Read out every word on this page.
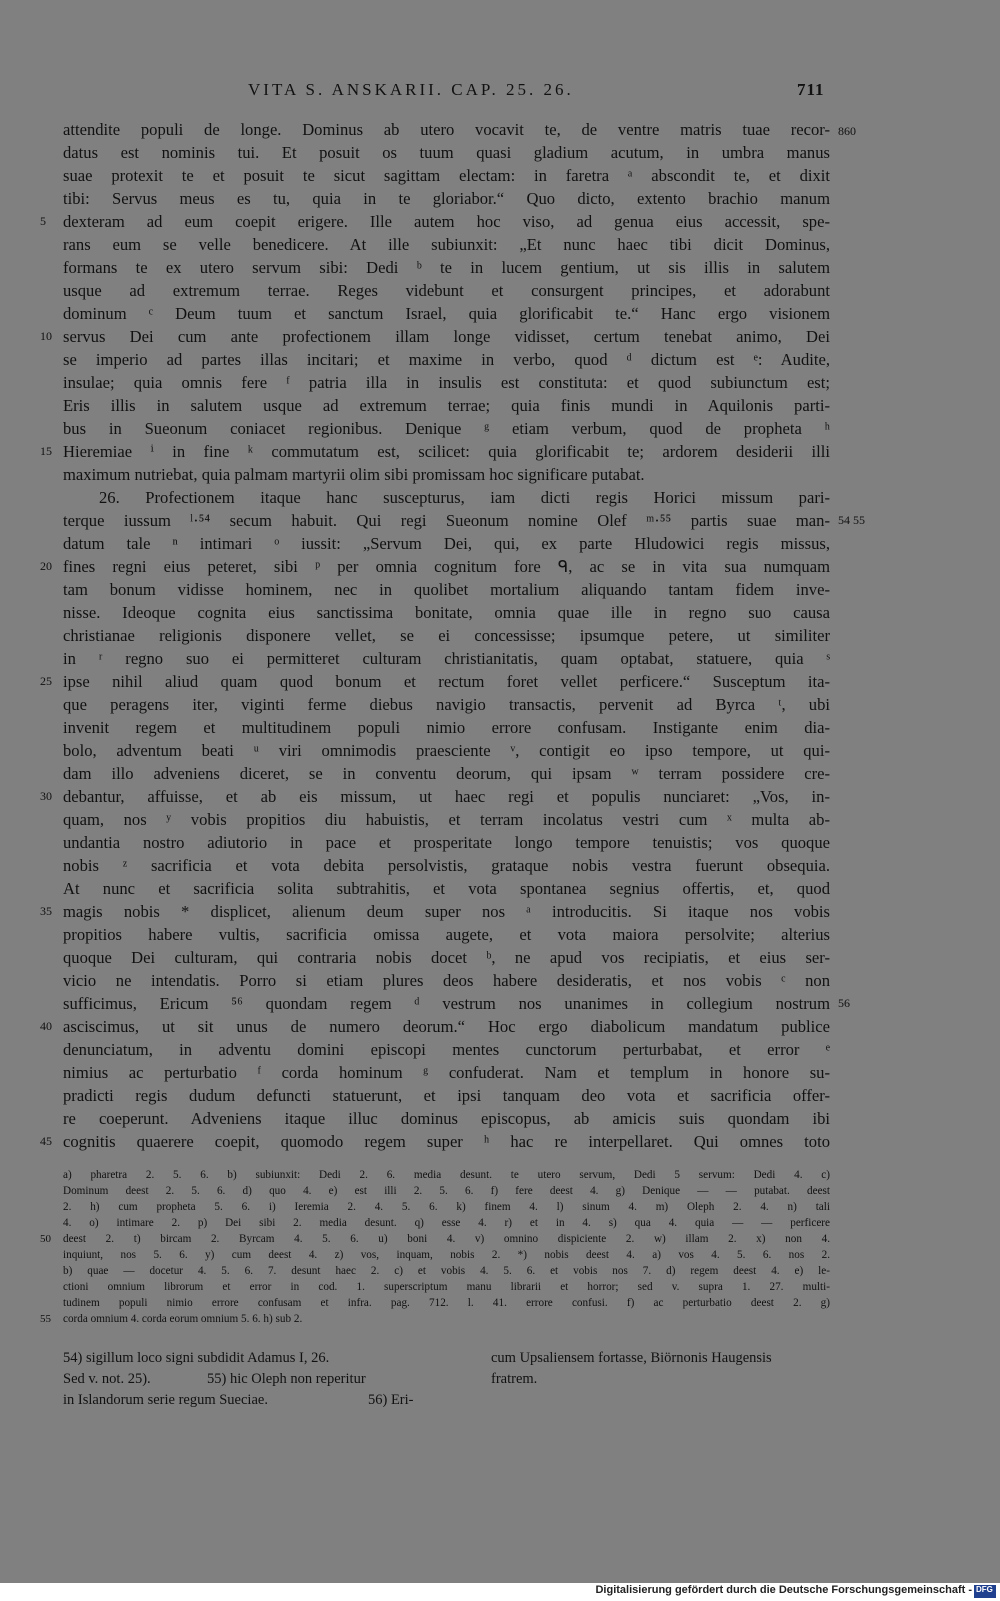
VITA S. ANSKARII. CAP. 25. 26.	711
attendite populi de longe. Dominus ab utero vocavit te, de ventre matris tuae recor-
datus est nominis tui. Et posuit os tuum quasi gladium acutum, in umbra manus
suae protexit te et posuit te sicut sagittam electam: in faretra ᵃ abscondit te, et dixit
tibi: Servus meus es tu, quia in te gloriabor.“ Quo dicto, extento brachio manum
dexteram ad eum coepit erigere. Ille autem hoc viso, ad genua eius accessit, spe-
rans eum se velle benedicere. At ille subiunxit: „Et nunc haec tibi dicit Dominus,
formans te ex utero servum sibi: Dedi ᵇ te in lucem gentium, ut sis illis in salutem
usque ad extremum terrae. Reges videbunt et consurgent principes, et adorabunt
dominum ᶜ Deum tuum et sanctum Israel, quia glorificabit te.“ Hanc ergo visionem
servus Dei cum ante profectionem illam longe vidisset, certum tenebat animo, Dei
se imperio ad partes illas incitari; et maxime in verbo, quod ᵈ dictum est ᵉ: Audite,
insulae; quia omnis fere ᶠ patria illa in insulis est constituta: et quod subiunctum est;
Eris illis in salutem usque ad extremum terrae; quia finis mundi in Aquilonis parti-
bus in Sueonum coniacet regionibus. Denique ᵍ etiam verbum, quod de propheta ʰ
Hieremiae ⁱ in fine ᵏ commutatum est, scilicet: quia glorificabit te; ardorem desiderii illi
maximum nutriebat, quia palmam martyrii olim sibi promissam hoc significare putabat.
26. Profectionem itaque hanc suscepturus, iam dicti regis Horici missum pari-
terque iussum ˡ·⁵⁴ secum habuit. Qui regi Sueonum nomine Olef ᵐ·⁵⁵ partis suae man-
datum tale ⁿ intimari ᵒ iussit: „Servum Dei, qui, ex parte Hludowici regis missus,
fines regni eius peteret, sibi ᵖ per omnia cognitum fore ᑫ, ac se in vita sua numquam
tam bonum vidisse hominem, nec in quolibet mortalium aliquando tantam fidem inve-
nisse. Ideoque cognita eius sanctissima bonitate, omnia quae ille in regno suo causa
christianae religionis disponere vellet, se ei concessisse; ipsumque petere, ut similiter
in ʳ regno suo ei permitteret culturam christianitatis, quam optabat, statuere, quia ˢ
ipse nihil aliud quam quod bonum et rectum foret vellet perficere.“ Susceptum ita-
que peragens iter, viginti ferme diebus navigio transactis, pervenit ad Byrca ᵗ, ubi
invenit regem et multitudinem populi nimio errore confusam. Instigante enim dia-
bolo, adventum beati ᵘ viri omnimodis praesciente ᵛ, contigit eo ipso tempore, ut qui-
dam illo adveniens diceret, se in conventu deorum, qui ipsam ʷ terram possidere cre-
debantur, affuisse, et ab eis missum, ut haec regi et populis nunciaret: „Vos, in-
quam, nos ʸ vobis propitios diu habuistis, et terram incolatus vestri cum ˣ multa ab-
undantia nostro adiutorio in pace et prosperitate longo tempore tenuistis; vos quoque
nobis ᶻ sacrificia et vota debita persolvistis, grataque nobis vestra fuerunt obsequia.
At nunc et sacrificia solita subtrahitis, et vota spontanea segnius offertis, et, quod
magis nobis * displicet, alienum deum super nos ᵃ introducitis. Si itaque nos vobis
propitios habere vultis, sacrificia omissa augete, et vota maiora persolvite; alterius
quoque Dei culturam, qui contraria nobis docet ᵇ, ne apud vos recipiatis, et eius ser-
vicio ne intendatis. Porro si etiam plures deos habere desideratis, et nos vobis ᶜ non
sufficimus, Ericum ⁵⁶ quondam regem ᵈ vestrum nos unanimes in collegium nostrum
asciscimus, ut sit unus de numero deorum.“ Hoc ergo diabolicum mandatum publice
denunciatum, in adventu domini episcopi mentes cunctorum perturbabat, et error ᵉ
nimius ac perturbatio ᶠ corda hominum ᵍ confuderat. Nam et templum in honore su-
pradicti regis dudum defuncti statuerunt, et ipsi tanquam deo vota et sacrificia offer-
re coeperunt. Adveniens itaque illuc dominus episcopus, ab amicis suis quondam ibi
cognitis quaerere coepit, quomodo regem super ʰ hac re interpellaret. Qui omnes toto
5
10
15
20
25
30
35
40
45
860
54 55
56
a) pharetra 2. 5. 6. b) subiunxit: Dedi 2. 6. media desunt. te utero servum, Dedi 5 servum: Dedi 4. c)
Dominum deest 2. 5. 6. d) quo 4. e) est illi 2. 5. 6. f) fere deest 4. g) Denique — — putabat. deest
2. h) cum propheta 5. 6. i) Ieremia 2. 4. 5. 6. k) finem 4. l) sinum 4. m) Oleph 2. 4. n) tali
4. o) intimare 2. p) Dei sibi 2. media desunt. q) esse 4. r) et in 4. s) qua 4. quia — — perficere
deest 2. t) bircam 2. Byrcam 4. 5. 6. u) boni 4. v) omnino dispiciente 2. w) illam 2. x) non 4.
inquiunt, nos 5. 6. y) cum deest 4. z) vos, inquam, nobis 2. *) nobis deest 4. a) vos 4. 5. 6. nos 2.
b) quae — docetur 4. 5. 6. 7. desunt haec 2. c) et vobis 4. 5. 6. et vobis nos 7. d) regem deest 4. e) le-
ctioni omnium librorum et error in cod. 1. superscriptum manu librarii et horror; sed v. supra 1. 27. multi-
tudinem populi nimio errore confusam et infra. pag. 712. l. 41. errore confusi. f) ac perturbatio deest 2. g)
corda omnium 4. corda eorum omnium 5. 6. h) sub 2.
50
55
54) sigillum loco signi subdidit Adamus I, 26.
Sed v. not. 25).	55) hic Oleph non reperitur
in Islandorum serie regum Sueciae.	56) Eri-
cum Upsaliensem fortasse, Biörnonis Haugensis
fratrem.
Digitalisierung gefördert durch die Deutsche Forschungsgemeinschaft -
DFG
